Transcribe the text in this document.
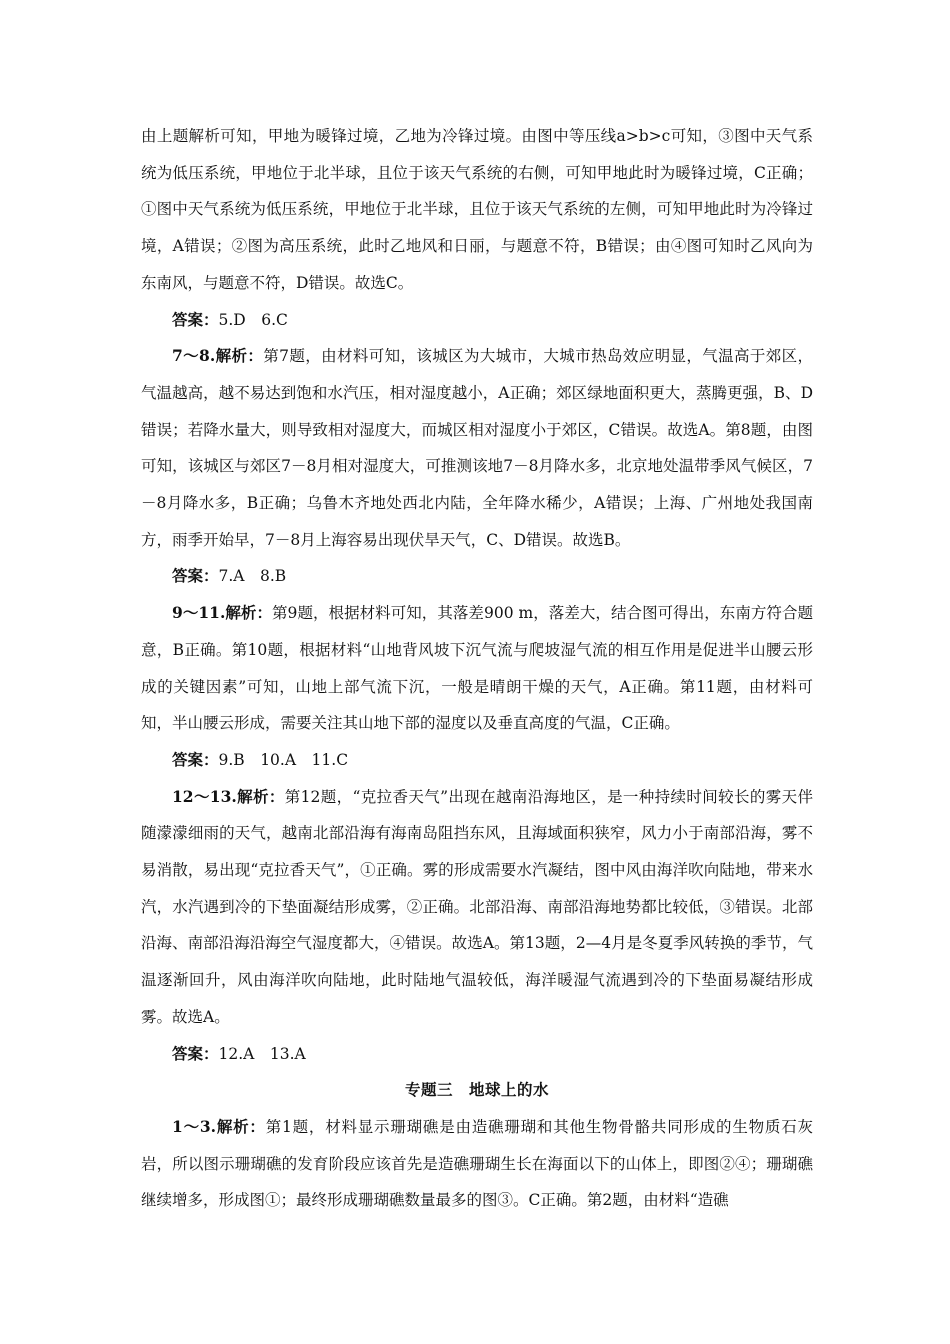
由上题解析可知，甲地为暖锋过境，乙地为冷锋过境。由图中等压线a>b>c可知，③图中天气系统为低压系统，甲地位于北半球，且位于该天气系统的右侧，可知甲地此时为暖锋过境，C正确；①图中天气系统为低压系统，甲地位于北半球，且位于该天气系统的左侧，可知甲地此时为冷锋过境，A错误；②图为高压系统，此时乙地风和日丽，与题意不符，B错误；由④图可知时乙风向为东南风，与题意不符，D错误。故选C。

答案：5.D　6.C

7～8.解析：第7题，由材料可知，该城区为大城市，大城市热岛效应明显，气温高于郊区，气温越高，越不易达到饱和水汽压，相对湿度越小，A正确；郊区绿地面积更大，蒸腾更强，B、D错误；若降水量大，则导致相对湿度大，而城区相对湿度小于郊区，C错误。故选A。第8题，由图可知，该城区与郊区7－8月相对湿度大，可推测该地7－8月降水多，北京地处温带季风气候区，7－8月降水多，B正确；乌鲁木齐地处西北内陆，全年降水稀少，A错误；上海、广州地处我国南方，雨季开始早，7－8月上海容易出现伏旱天气，C、D错误。故选B。

答案：7.A　8.B

9～11.解析：第9题，根据材料可知，其落差900 m，落差大，结合图可得出，东南方符合题意，B正确。第10题，根据材料“山地背风坡下沉气流与爬坡湿气流的相互作用是促进半山腰云形成的关键因素”可知，山地上部气流下沉，一般是晴朗干燥的天气，A正确。第11题，由材料可知，半山腰云形成，需要关注其山地下部的湿度以及垂直高度的气温，C正确。

答案：9.B　10.A　11.C

12～13.解析：第12题，“克拉香天气”出现在越南沿海地区，是一种持续时间较长的雾天伴随濛濛细雨的天气，越南北部沿海有海南岛阻挡东风，且海域面积狭窄，风力小于南部沿海，雾不易消散，易出现“克拉香天气”，①正确。雾的形成需要水汽凝结，图中风由海洋吹向陆地，带来水汽，水汽遇到冷的下垫面凝结形成雾，②正确。北部沿海、南部沿海地势都比较低，③错误。北部沿海、南部沿海沿海空气湿度都大，④错误。故选A。第13题，2—4月是冬夏季风转换的季节，气温逐渐回升，风由海洋吹向陆地，此时陆地气温较低，海洋暖湿气流遇到冷的下垫面易凝结形成雾。故选A。

答案：12.A　13.A

专题三　地球上的水

1～3.解析：第1题，材料显示珊瑚礁是由造礁珊瑚和其他生物骨骼共同形成的生物质石灰岩，所以图示珊瑚礁的发育阶段应该首先是造礁珊瑚生长在海面以下的山体上，即图②④；珊瑚礁继续增多，形成图①；最终形成珊瑚礁数量最多的图③。C正确。第2题，由材料“造礁
